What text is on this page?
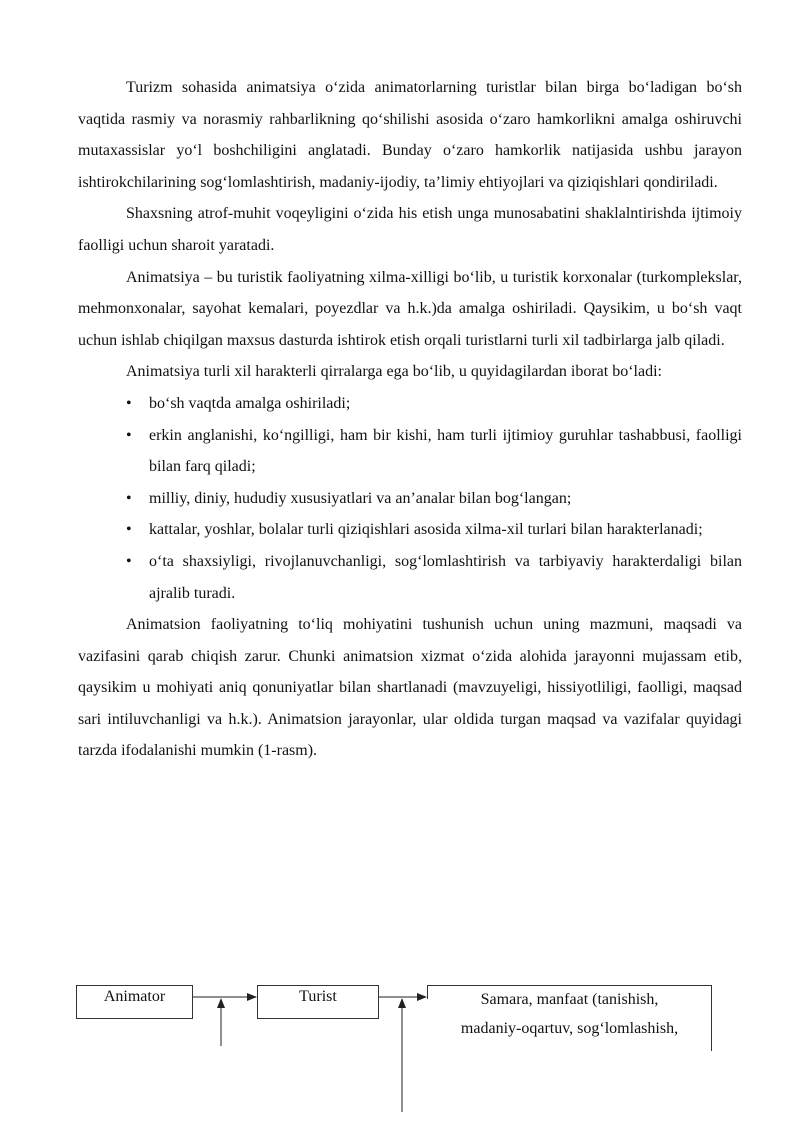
Turizm sohasida animatsiya o‘zida animatorlarning turistlar bilan birga bo‘ladigan bo‘sh vaqtida rasmiy va norasmiy rahbarlikning qo‘shilishi asosida o‘zaro hamkorlikni amalga oshiruvchi mutaxassislar yo‘l boshchiligini anglatadi. Bunday o‘zaro hamkorlik natijasida ushbu jarayon ishtirokchilarining sog‘lomlashtirish, madaniy-ijodiy, ta’limiy ehtiyojlari va qiziqishlari qondiriladi.

Shaxsning atrof-muhit voqeyligini o‘zida his etish unga munosabatini shaklalntirishda ijtimoiy faolligi uchun sharoit yaratadi.

Animatsiya – bu turistik faoliyatning xilma-xilligi bo‘lib, u turistik korxonalar (turkomplekslar, mehmonxonalar, sayohat kemalari, poyezdlar va h.k.)da amalga oshiriladi. Qaysikim, u bo‘sh vaqt uchun ishlab chiqilgan maxsus dasturda ishtirok etish orqali turistlarni turli xil tadbirlarga jalb qiladi.

Animatsiya turli xil harakterli qirralarga ega bo‘lib, u quyidagilardan iborat bo‘ladi:

• bo‘sh vaqtda amalga oshiriladi;
• erkin anglanishi, ko‘ngilligi, ham bir kishi, ham turli ijtimioy guruhlar tashabbusi, faolligi bilan farq qiladi;
• milliy, diniy, hududiy xususiyatlari va an’analar bilan bog‘langan;
• kattalar, yoshlar, bolalar turli qiziqishlari asosida xilma-xil turlari bilan harakterlanadi;
• o‘ta shaxsiyligi, rivojlanuvchanligi, sog‘lomlashtirish va tarbiyaviy harakterdaligi bilan ajralib turadi.

Animatsion faoliyatning to‘liq mohiyatini tushunish uchun uning mazmuni, maqsadi va vazifasini qarab chiqish zarur. Chunki animatsion xizmat o‘zida alohida jarayonni mujassam etib, qaysikim u mohiyati aniq qonuniyatlar bilan shartlanadi (mavzuyeligi, hissiyotliligi, faolligi, maqsad sari intiluvchanligi va h.k.). Animatsion jarayonlar, ular oldida turgan maqsad va vazifalar quyidagi tarzda ifodalanishi mumkin (1-rasm).

Animator	Turist	Samara, manfaat (tanishish,
madaniy-oqartuv, sog‘lomlashish,
